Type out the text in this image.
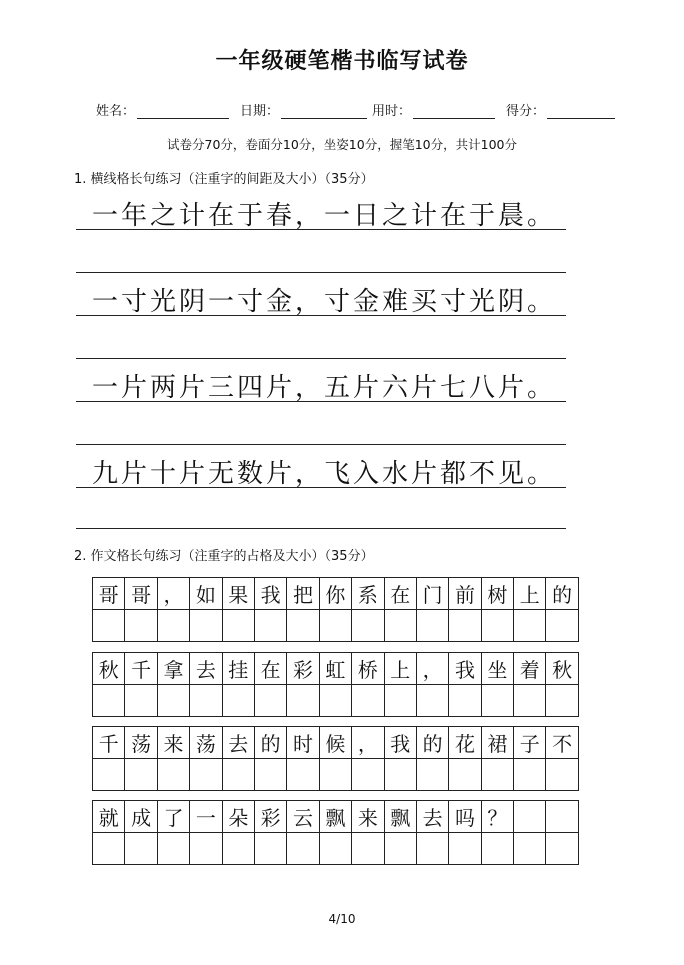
一年级硬笔楷书临写试卷
姓名：	日期：	用时：	得分：
试卷分70分，卷面分10分，坐姿10分，握笔10分，共计100分
1. 横线格长句练习（注重字的间距及大小）（35分）
一年之计在于春，一日之计在于晨。
一寸光阴一寸金，寸金难买寸光阴。
一片两片三四片，五片六片七八片。
九片十片无数片，飞入水片都不见。
2. 作文格长句练习（注重字的占格及大小）（35分）
哥	哥	，	如	果	我	把	你	系	在	门	前	树	上	的

秋	千	拿	去	挂	在	彩	虹	桥	上	，	我	坐	着	秋

千	荡	来	荡	去	的	时	候	，	我	的	花	裙	子	不

就	成	了	一	朵	彩	云	飘	来	飘	去	吗	？		

4/10
